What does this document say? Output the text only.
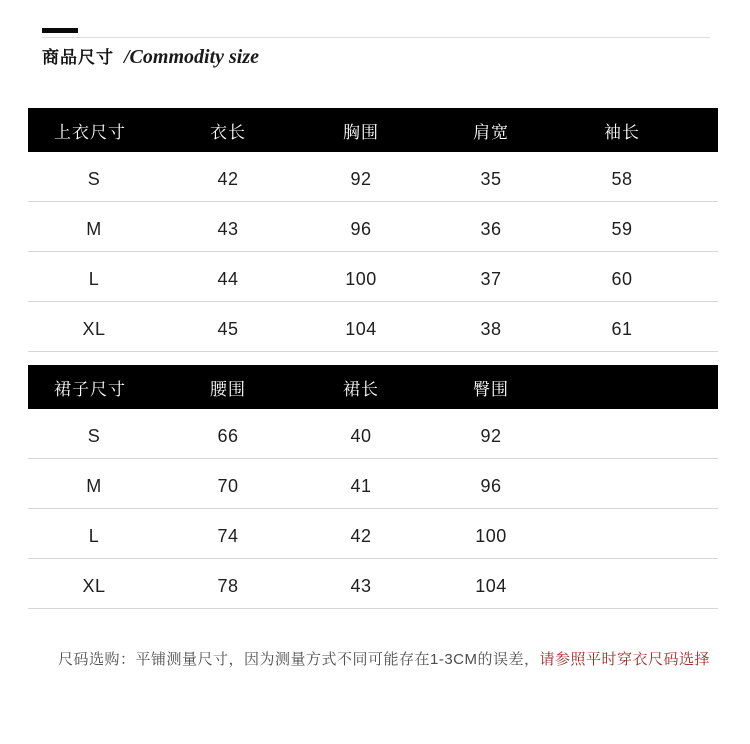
商品尺寸 /Commodity size
上衣尺寸	衣长	胸围	肩宽	袖长
S	42	92	35	58
M	43	96	36	59
L	44	100	37	60
XL	45	104	38	61
裙子尺寸	腰围	裙长	臀围	
S	66	40	92	
M	70	41	96	
L	74	42	100	
XL	78	43	104	

尺码选购：平铺测量尺寸，因为测量方式不同可能存在1-3CM的误差，请参照平时穿衣尺码选择
